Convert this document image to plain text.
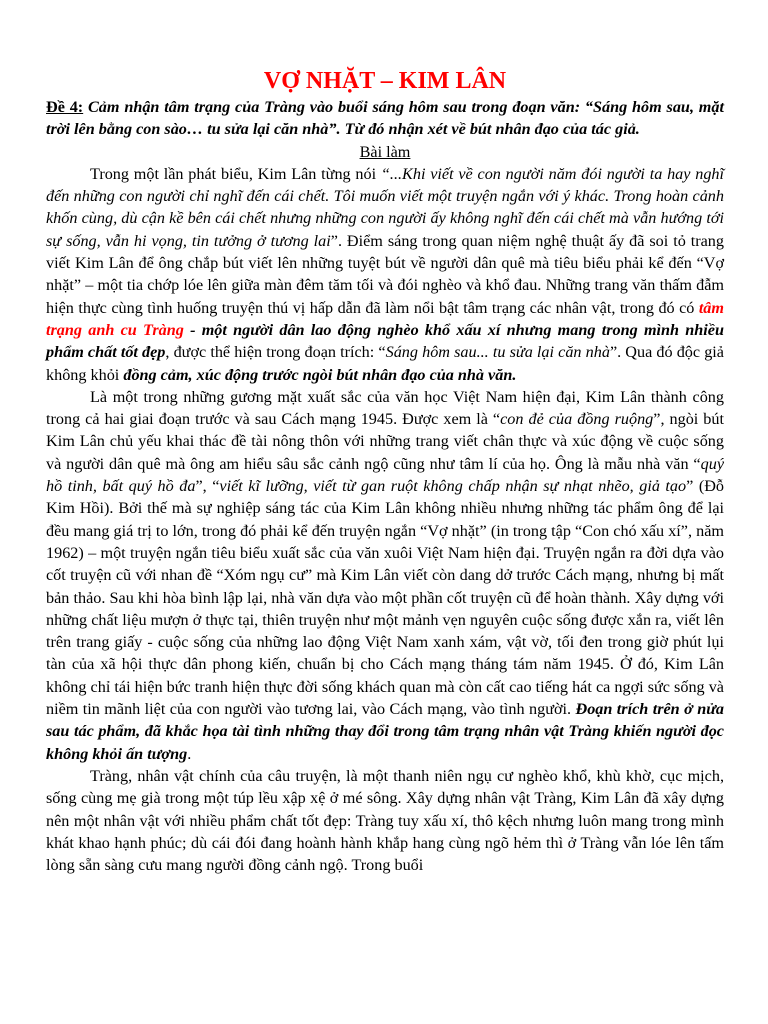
VỢ NHẶT – KIM LÂN

Đề 4: Cảm nhận tâm trạng của Tràng vào buổi sáng hôm sau trong đoạn văn: “Sáng hôm sau, mặt trời lên bằng con sào… tu sửa lại căn nhà”. Từ đó nhận xét về bút nhân đạo của tác giả.

Bài làm

Trong một lần phát biểu, Kim Lân từng nói “...Khi viết về con người năm đói người ta hay nghĩ đến những con người chỉ nghĩ đến cái chết. Tôi muốn viết một truyện ngắn với ý khác. Trong hoàn cảnh khốn cùng, dù cận kề bên cái chết nhưng những con người ấy không nghĩ đến cái chết mà vẫn hướng tới sự sống, vẫn hi vọng, tin tưởng ở tương lai”. Điểm sáng trong quan niệm nghệ thuật ấy đã soi tỏ trang viết Kim Lân để ông chắp bút viết lên những tuyệt bút về người dân quê mà tiêu biểu phải kể đến “Vợ nhặt” – một tia chớp lóe lên giữa màn đêm tăm tối và đói nghèo và khổ đau. Những trang văn thấm đẫm hiện thực cùng tình huống truyện thú vị hấp dẫn đã làm nổi bật tâm trạng các nhân vật, trong đó có tâm trạng anh cu Tràng - một người dân lao động nghèo khổ xấu xí nhưng mang trong mình nhiều phẩm chất tốt đẹp, được thể hiện trong đoạn trích: “Sáng hôm sau... tu sửa lại căn nhà”. Qua đó độc giả không khỏi đồng cảm, xúc động trước ngòi bút nhân đạo của nhà văn.

Là một trong những gương mặt xuất sắc của văn học Việt Nam hiện đại, Kim Lân thành công trong cả hai giai đoạn trước và sau Cách mạng 1945. Được xem là “con đẻ của đồng ruộng”, ngòi bút Kim Lân chủ yếu khai thác đề tài nông thôn với những trang viết chân thực và xúc động về cuộc sống và người dân quê mà ông am hiểu sâu sắc cảnh ngộ cũng như tâm lí của họ. Ông là mẫu nhà văn “quý hồ tinh, bất quý hồ đa”, “viết kĩ lưỡng, viết từ gan ruột không chấp nhận sự nhạt nhẽo, giả tạo” (Đỗ Kim Hồi). Bởi thế mà sự nghiệp sáng tác của Kim Lân không nhiều nhưng những tác phẩm ông để lại đều mang giá trị to lớn, trong đó phải kể đến truyện ngắn “Vợ nhặt” (in trong tập “Con chó xấu xí”, năm 1962) – một truyện ngắn tiêu biểu xuất sắc của văn xuôi Việt Nam hiện đại. Truyện ngắn ra đời dựa vào cốt truyện cũ với nhan đề “Xóm ngụ cư” mà Kim Lân viết còn dang dở trước Cách mạng, nhưng bị mất bản thảo. Sau khi hòa bình lập lại, nhà văn dựa vào một phần cốt truyện cũ để hoàn thành. Xây dựng với những chất liệu mượn ở thực tại, thiên truyện như một mảnh vẹn nguyên cuộc sống được xắn ra, viết lên trên trang giấy - cuộc sống của những lao động Việt Nam xanh xám, vật vờ, tối đen trong giờ phút lụi tàn của xã hội thực dân phong kiến, chuẩn bị cho Cách mạng tháng tám năm 1945. Ở đó, Kim Lân không chỉ tái hiện bức tranh hiện thực đời sống khách quan mà còn cất cao tiếng hát ca ngợi sức sống và niềm tin mãnh liệt của con người vào tương lai, vào Cách mạng, vào tình người. Đoạn trích trên ở nửa sau tác phẩm, đã khắc họa tài tình những thay đổi trong tâm trạng nhân vật Tràng khiến người đọc không khỏi ấn tượng.

Tràng, nhân vật chính của câu truyện, là một thanh niên ngụ cư nghèo khổ, khù khờ, cục mịch, sống cùng mẹ già trong một túp lều xập xệ ở mé sông. Xây dựng nhân vật Tràng, Kim Lân đã xây dựng nên một nhân vật với nhiều phẩm chất tốt đẹp: Tràng tuy xấu xí, thô kệch nhưng luôn mang trong mình khát khao hạnh phúc; dù cái đói đang hoành hành khắp hang cùng ngõ hẻm thì ở Tràng vẫn lóe lên tấm lòng sẵn sàng cưu mang người đồng cảnh ngộ. Trong buổi
